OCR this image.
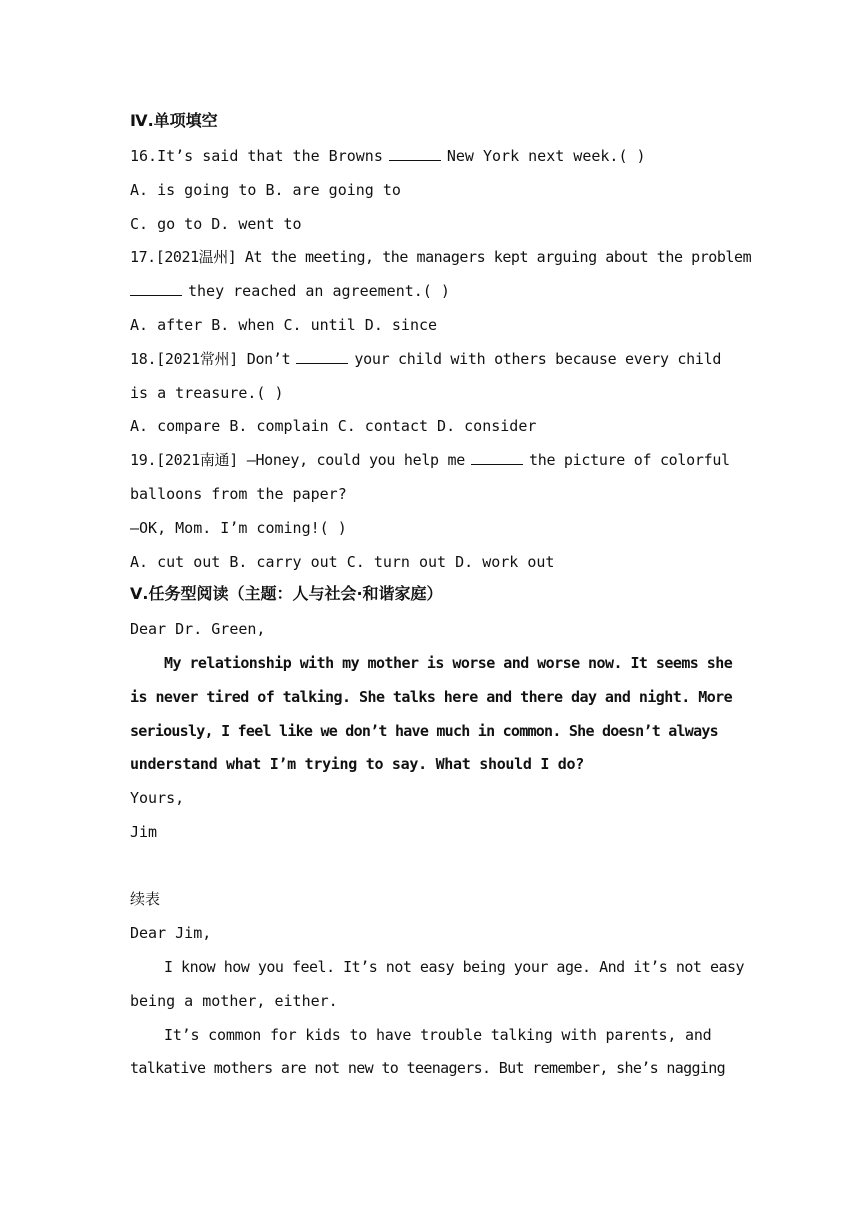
Ⅳ.单项填空
16.It’s said that the Browns	New York next week.( )
A. is going to B. are going to
C. go to D. went to
17.[2021温州] At the meeting, the managers kept arguing about the problem
they reached an agreement.( )
A. after B. when C. until D. since
18.[2021常州] Don’t	your child with others because every child
is a treasure.( )
A. compare B. complain C. contact D. consider
19.[2021南通] —Honey, could you help me	the picture of colorful
balloons from the paper?
—OK, Mom. I’m coming!( )
A. cut out B. carry out C. turn out D. work out
Ⅴ.任务型阅读（主题：人与社会·和谐家庭）
Dear Dr. Green,
My relationship with my mother is worse and worse now. It seems she
is never tired of talking. She talks here and there day and night. More
seriously, I feel like we don’t have much in common. She doesn’t always
understand what I’m trying to say. What should I do?
Yours,
Jim
续表
Dear Jim,
I know how you feel. It’s not easy being your age. And it’s not easy
being a mother, either.
It’s common for kids to have trouble talking with parents, and
talkative mothers are not new to teenagers. But remember, she’s nagging
